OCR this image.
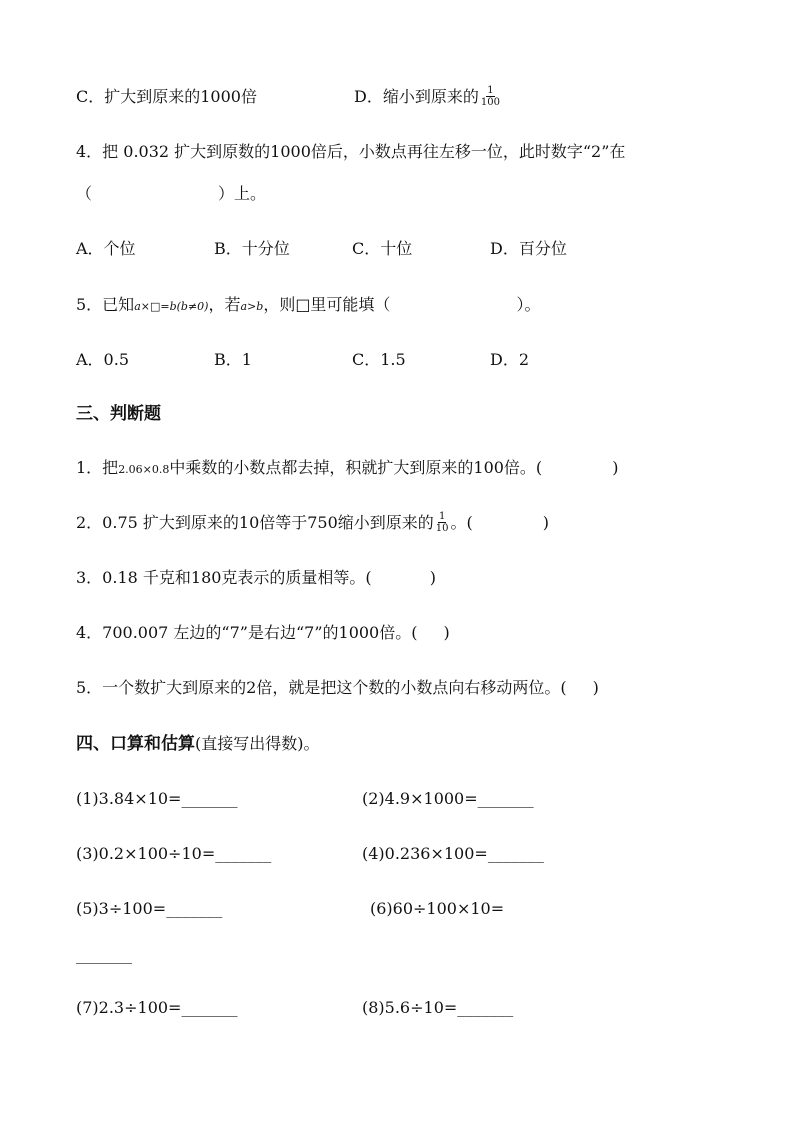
C．扩大到原来的1000倍	D．缩小到原来的 $\frac{1}{100}$
4．把 0.032 扩大到原数的1000倍后，小数点再往左移一位，此时数字“2”在
（	）上。
A．个位	B．十分位	C．十位	D．百分位
5．已知a×□=b(b≠0)，若a>b，则□里可能填（	）。
A．0.5	B．1	C．1.5	D．2
三、判断题
1．把2.06×0.8中乘数的小数点都去掉，积就扩大到原来的100倍。(	)
2．0.75 扩大到原来的10倍等于750缩小到原来的 $\frac{1}{10}$ 。(	)
3．0.18 千克和180克表示的质量相等。(	)
4．700.007 左边的“7”是右边“7”的1000倍。( )
5．一个数扩大到原来的2倍，就是把这个数的小数点向右移动两位。( )
四、口算和估算(直接写出得数)。
(1)3.84×10=_______	(2)4.9×1000=_______
(3)0.2×100÷10=_______	(4)0.236×100=_______
(5)3÷100=_______	(6)60÷100×10=
_______
(7)2.3÷100=_______	(8)5.6÷10=_______
